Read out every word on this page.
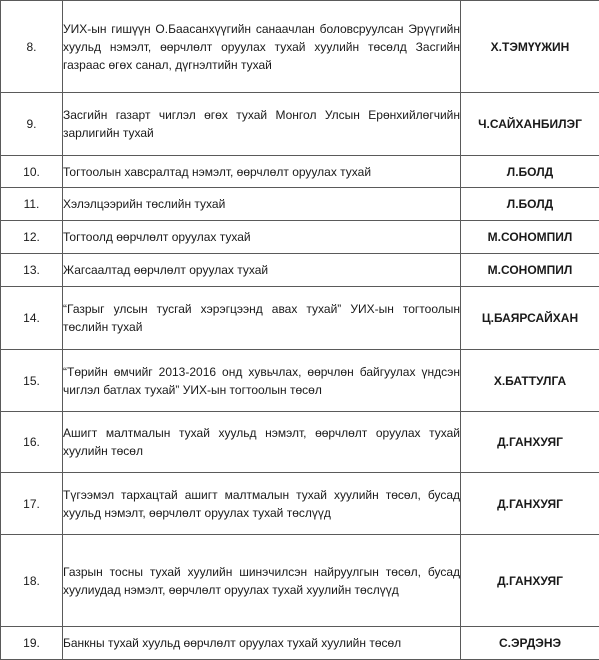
8.	УИХ-ын гишүүн О.Баасанхүүгийн санаачлан боловсруулсан Эрүүгийн хуульд нэмэлт, өөрчлөлт оруулах тухай хуулийн төсөлд Засгийн газраас өгөх санал, дүгнэлтийн тухай	Х.ТЭМҮҮЖИН
9.	Засгийн газарт чиглэл өгөх тухай Монгол Улсын Ерөнхийлөгчийн зарлигийн тухай	Ч.САЙХАНБИЛЭГ
10.	Тогтоолын хавсралтад нэмэлт, өөрчлөлт оруулах тухай	Л.БОЛД
11.	Хэлэлцээрийн төслийн тухай	Л.БОЛД
12.	Тогтоолд өөрчлөлт оруулах тухай	М.СОНОМПИЛ
13.	Жагсаалтад өөрчлөлт оруулах тухай	М.СОНОМПИЛ
14.	“Газрыг улсын тусгай хэрэгцээнд авах тухай” УИХ-ын тогтоолын төслийн тухай	Ц.БАЯРСАЙХАН
15.	“Төрийн өмчийг 2013-2016 онд хувьчлах, өөрчлөн байгуулах үндсэн чиглэл батлах тухай” УИХ-ын тогтоолын төсөл	Х.БАТТУЛГА
16.	Ашигт малтмалын тухай хуульд нэмэлт, өөрчлөлт оруулах тухай хуулийн төсөл	Д.ГАНХУЯГ
17.	Түгээмэл тархацтай ашигт малтмалын тухай хуулийн төсөл, бусад хуульд нэмэлт, өөрчлөлт оруулах тухай төслүүд	Д.ГАНХУЯГ
18.	Газрын тосны тухай хуулийн шинэчилсэн найруулгын төсөл, бусад хуулиудад нэмэлт, өөрчлөлт оруулах тухай хуулийн төслүүд	Д.ГАНХУЯГ
19.	Банкны тухай хуульд өөрчлөлт оруулах тухай хуулийн төсөл	С.ЭРДЭНЭ
